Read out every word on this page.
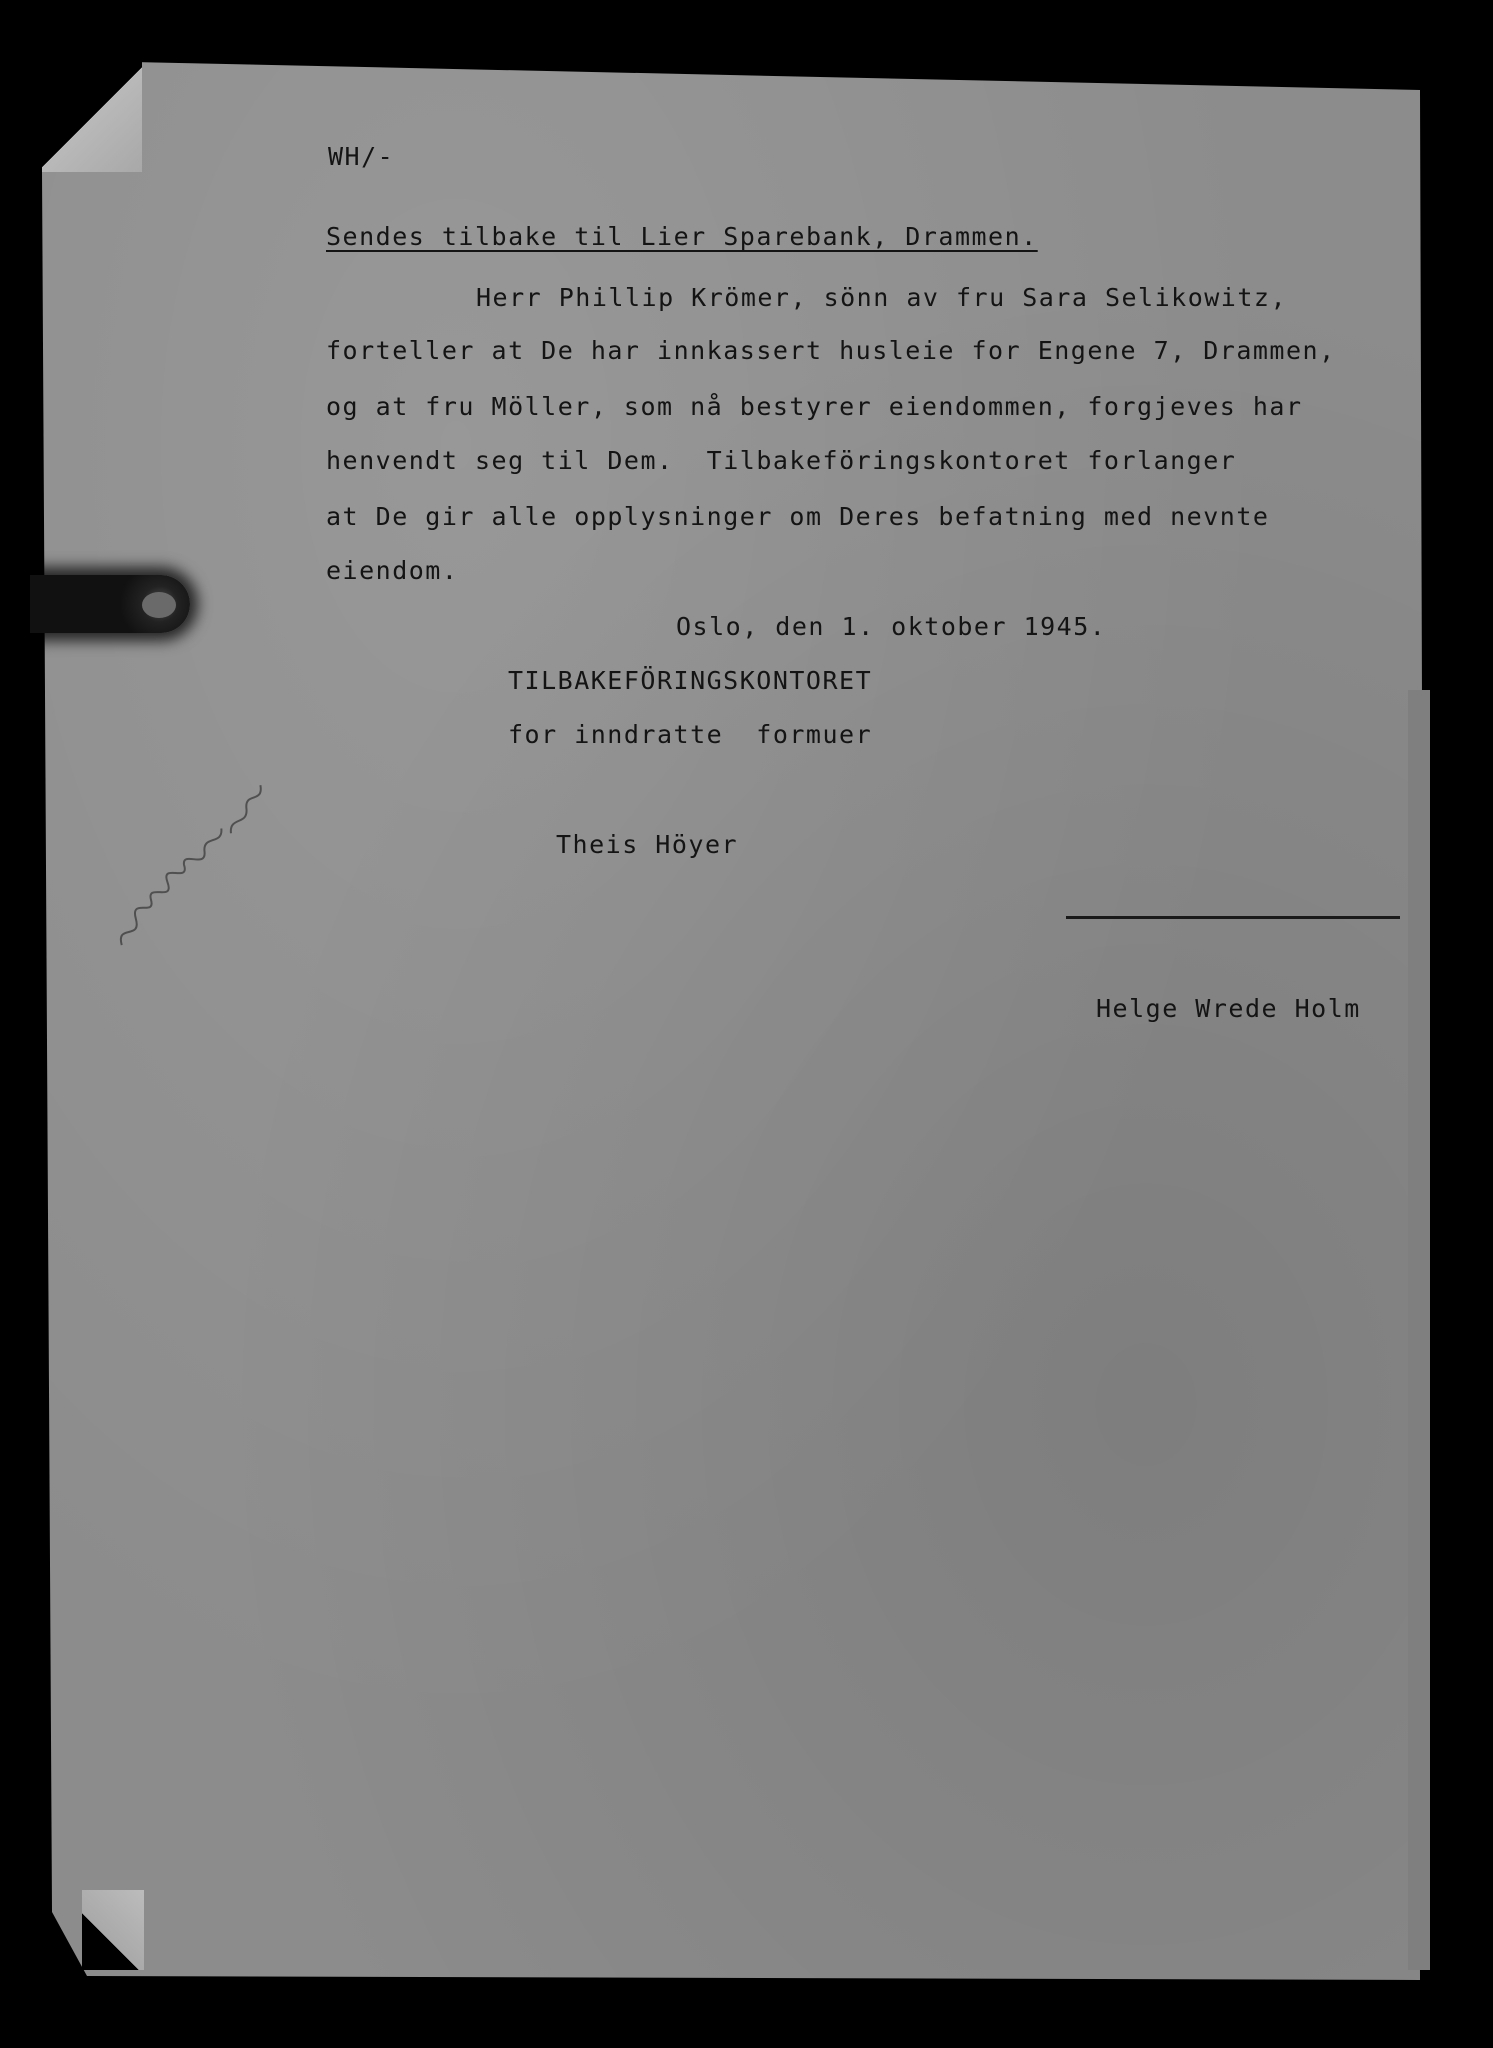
WH/-
Sendes tilbake til Lier Sparebank, Drammen.
Herr Phillip Krömer, sönn av fru Sara Selikowitz,
forteller at De har innkassert husleie for Engene 7, Drammen,
og at fru Möller, som nå bestyrer eiendommen, forgjeves har
henvendt seg til Dem.  Tilbakeföringskontoret forlanger
at De gir alle opplysninger om Deres befatning med nevnte
eiendom.
Oslo, den 1. oktober 1945.
TILBAKEFÖRINGSKONTORET
for inndratte  formuer
Theis Höyer
Helge Wrede Holm
